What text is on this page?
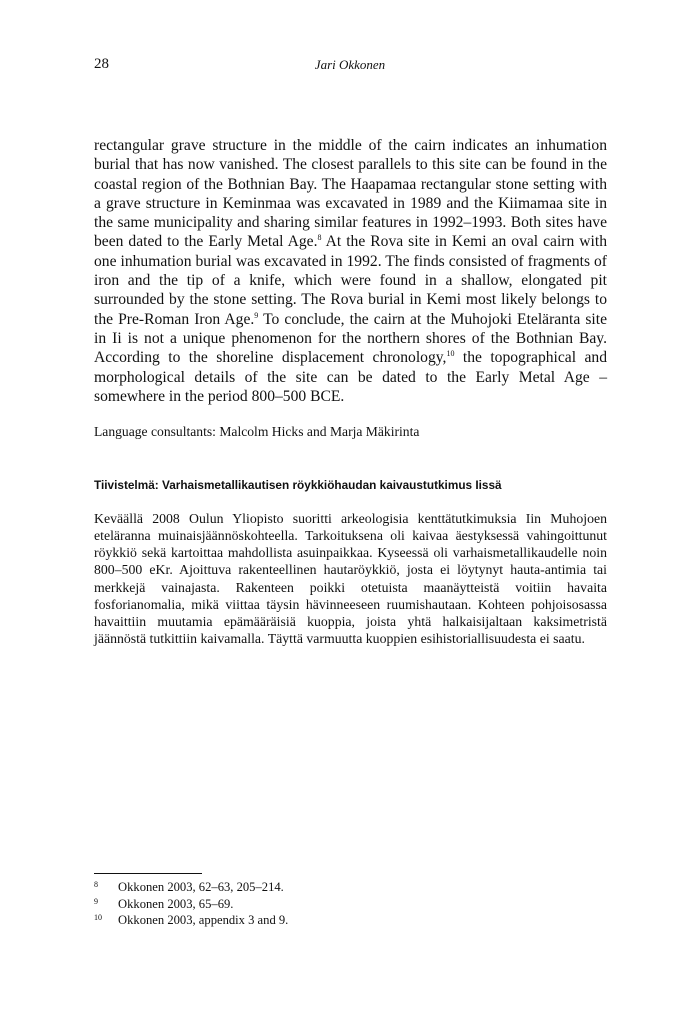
28	Jari Okkonen

rectangular grave structure in the middle of the cairn indicates an inhumation burial that has now vanished. The closest parallels to this site can be found in the coastal region of the Bothnian Bay. The Haapamaa rectangular stone setting with a grave structure in Keminmaa was excavated in 1989 and the Kiimamaa site in the same municipality and sharing similar features in 1992–1993. Both sites have been dated to the Early Metal Age.$^8$ At the Rova site in Kemi an oval cairn with one inhumation burial was excavated in 1992. The finds consisted of fragments of iron and the tip of a knife, which were found in a shallow, elongated pit surrounded by the stone setting. The Rova burial in Kemi most likely belongs to the Pre-Roman Iron Age.$^9$ To conclude, the cairn at the Muhojoki Eteläranta site in Ii is not a unique phenomenon for the northern shores of the Bothnian Bay. According to the shoreline displacement chronology,$^{10}$ the topographical and morphological details of the site can be dated to the Early Metal Age – somewhere in the period 800–500 BCE.

Language consultants: Malcolm Hicks and Marja Mäkirinta
Tiivistelmä: Varhaismetallikautisen röykkiöhaudan kaivaustutkimus Iissä

Keväällä 2008 Oulun Yliopisto suoritti arkeologisia kenttätutkimuksia Iin Muhojoen eteläranna muinaisjäännöskohteella. Tarkoituksena oli kaivaa äestyksessä vahingoittunut röykkiö sekä kartoittaa mahdollista asuinpaikkaa. Kyseessä oli varhaismetallikaudelle noin 800–500 eKr. Ajoittuva rakenteellinen hautaröykkiö, josta ei löytynyt hauta-antimia tai merkkejä vainajasta. Rakenteen poikki otetuista maanäytteistä voitiin havaita fosforianomalia, mikä viittaa täysin hävinneeseen ruumishautaan. Kohteen pohjoisosassa havaittiin muutamia epämääräisiä kuoppia, joista yhtä halkaisijaltaan kaksimetristä jäännöstä tutkittiin kaivamalla. Täyttä varmuutta kuoppien esihistoriallisuudesta ei saatu.

8	Okkonen 2003, 62–63, 205–214.
9	Okkonen 2003, 65–69.
10	Okkonen 2003, appendix 3 and 9.
